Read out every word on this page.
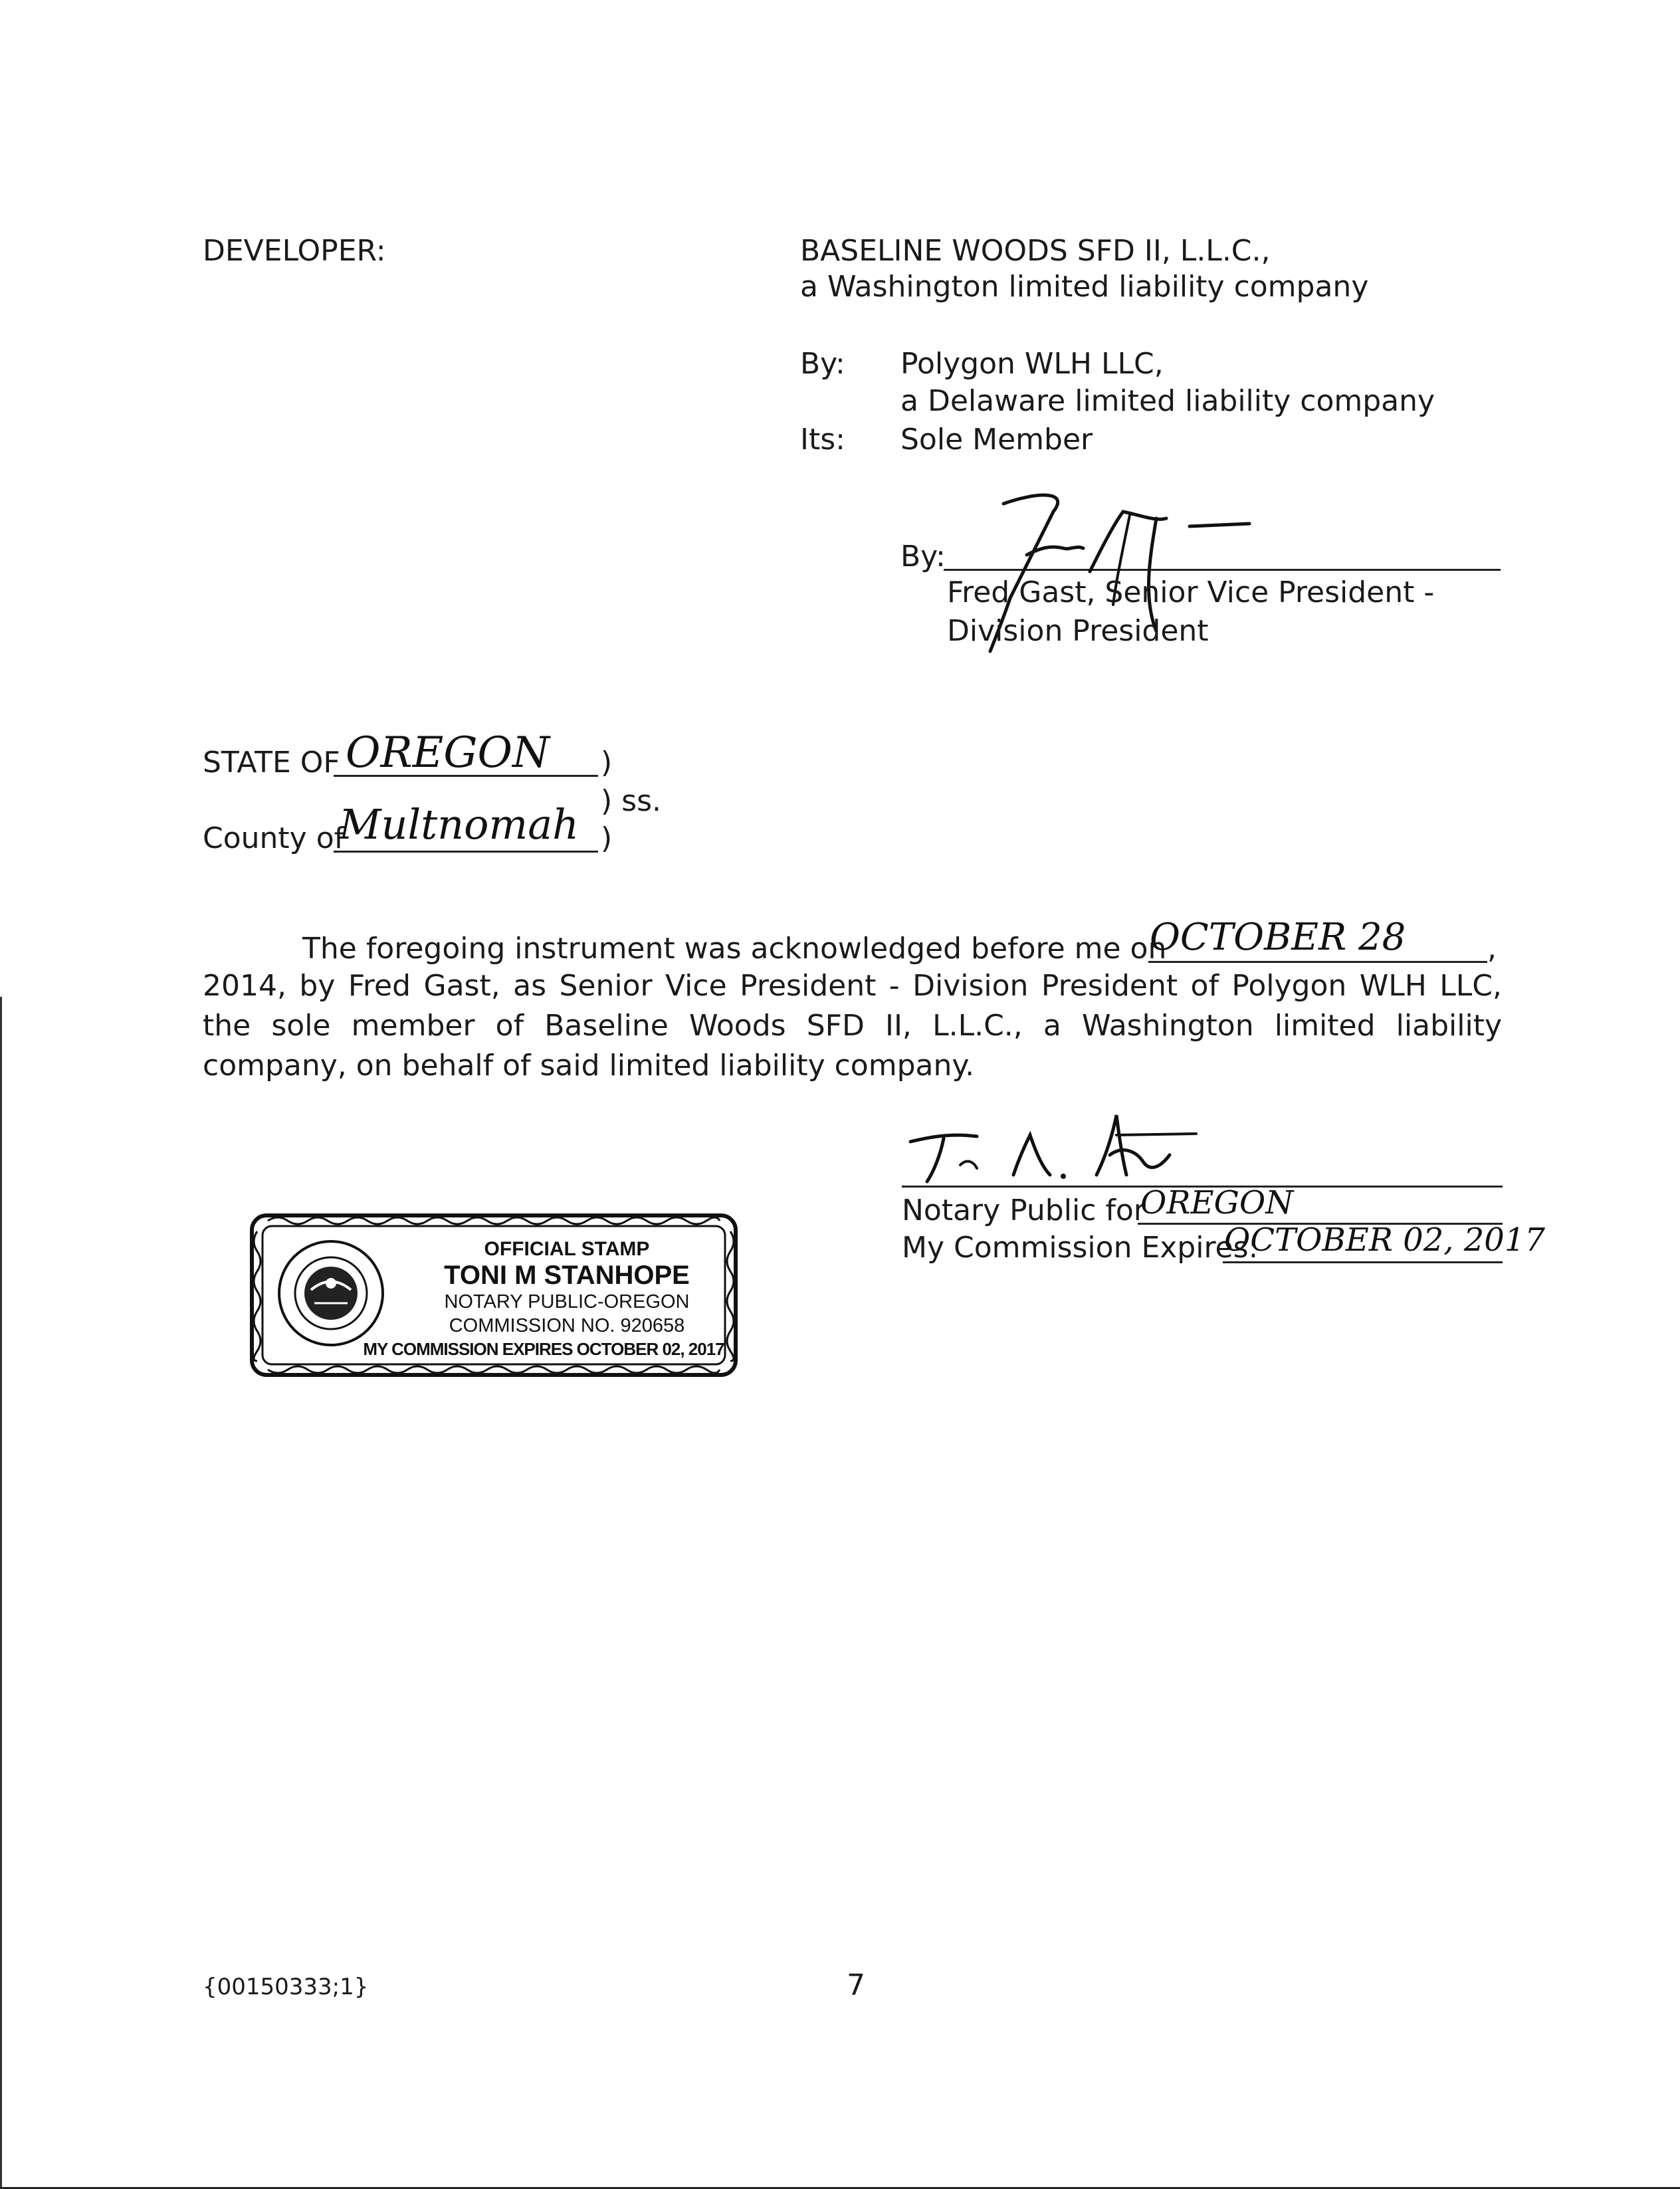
DEVELOPER:	BASELINE WOODS SFD II, L.L.C.,
a Washington limited liability company
By: Polygon WLH LLC,
a Delaware limited liability company
Its: Sole Member
By:
Fred Gast, Senior Vice President -
Division President
STATE OF OREGON )
) ss.
County of
Multnomah )
The foregoing instrument was acknowledged before me on
OCTOBER 28	,
2014, by Fred Gast, as Senior Vice President - Division President of Polygon WLH LLC, the sole member of Baseline Woods SFD II, L.L.C., a Washington limited liability company, on behalf of said limited liability company.
Notary Public for
OREGON
My Commission Expires:
OCTOBER 02, 2017
OFFICIAL STAMP
TONI M STANHOPE
NOTARY PUBLIC-OREGON
COMMISSION NO. 920658
MY COMMISSION EXPIRES OCTOBER 02, 2017
{00150333;1}	7
